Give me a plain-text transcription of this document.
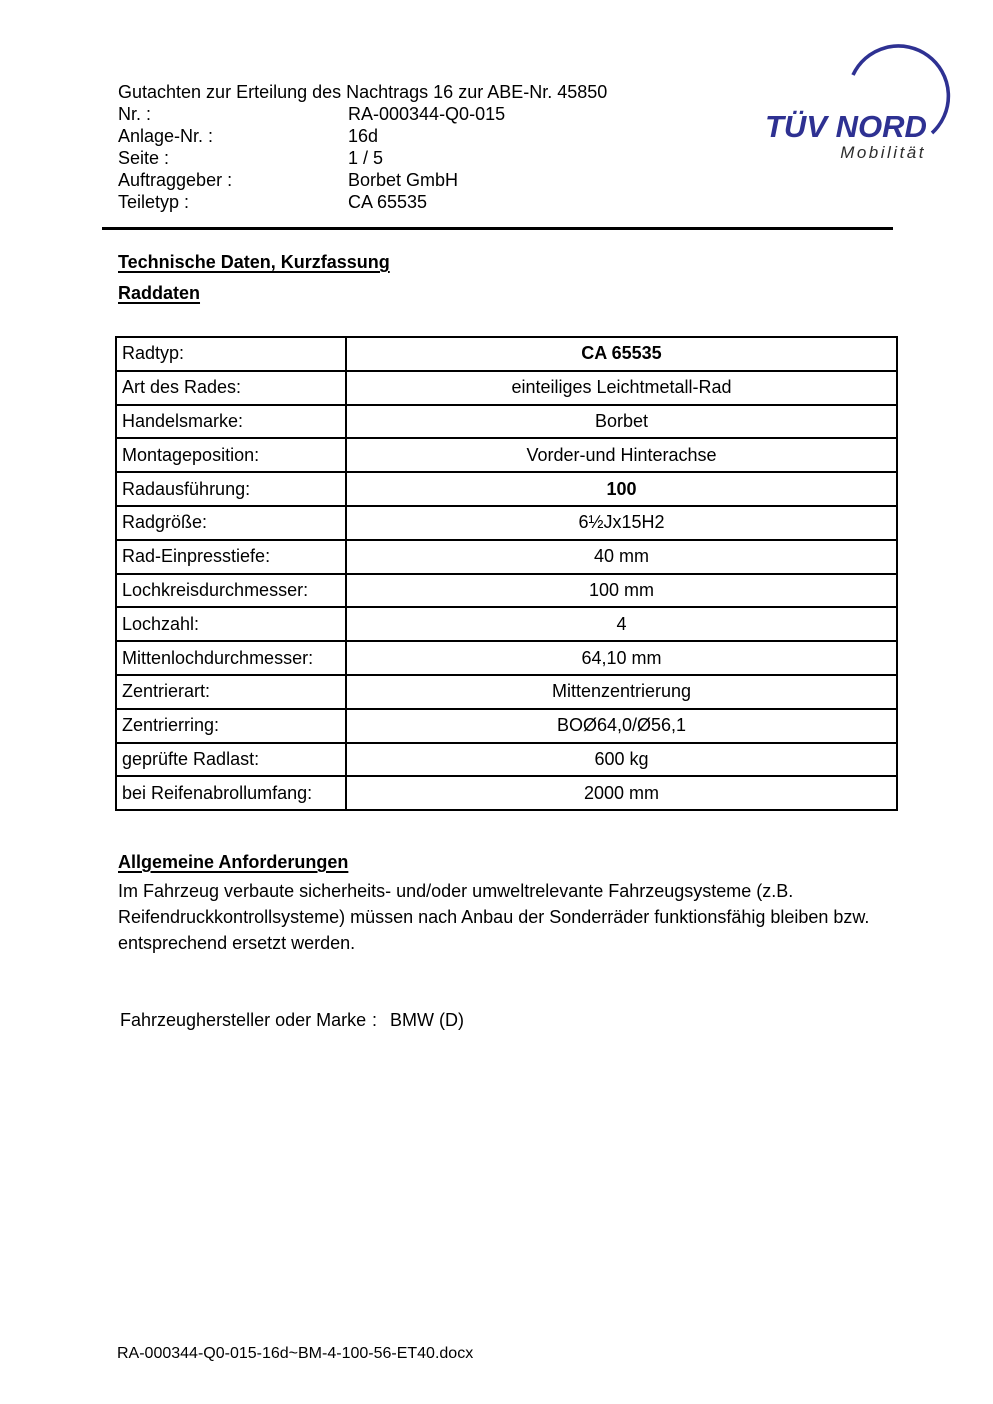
Gutachten zur Erteilung des Nachtrags 16 zur ABE-Nr. 45850
Nr. :	RA-000344-Q0-015
Anlage-Nr. :	16d
Seite :	1 / 5
Auftraggeber :	Borbet GmbH
Teiletyp :	CA 65535
TÜV NORD
Mobilität
Technische Daten, Kurzfassung
Raddaten
Radtyp:	CA 65535
Art des Rades:	einteiliges Leichtmetall-Rad
Handelsmarke:	Borbet
Montageposition:	Vorder-und Hinterachse
Radausführung:	100
Radgröße:	6½Jx15H2
Rad-Einpresstiefe:	40 mm
Lochkreisdurchmesser:	100 mm
Lochzahl:	4
Mittenlochdurchmesser:	64,10 mm
Zentrierart:	Mittenzentrierung
Zentrierring:	BOØ64,0/Ø56,1
geprüfte Radlast:	600 kg
bei Reifenabrollumfang:	2000 mm
Allgemeine Anforderungen
Im Fahrzeug verbaute sicherheits- und/oder umweltrelevante Fahrzeugsysteme (z.B. Reifendruckkontrollsysteme) müssen nach Anbau der Sonderräder funktionsfähig bleiben bzw. entsprechend ersetzt werden.
Fahrzeughersteller oder Marke : BMW (D)
RA-000344-Q0-015-16d~BM-4-100-56-ET40.docx
